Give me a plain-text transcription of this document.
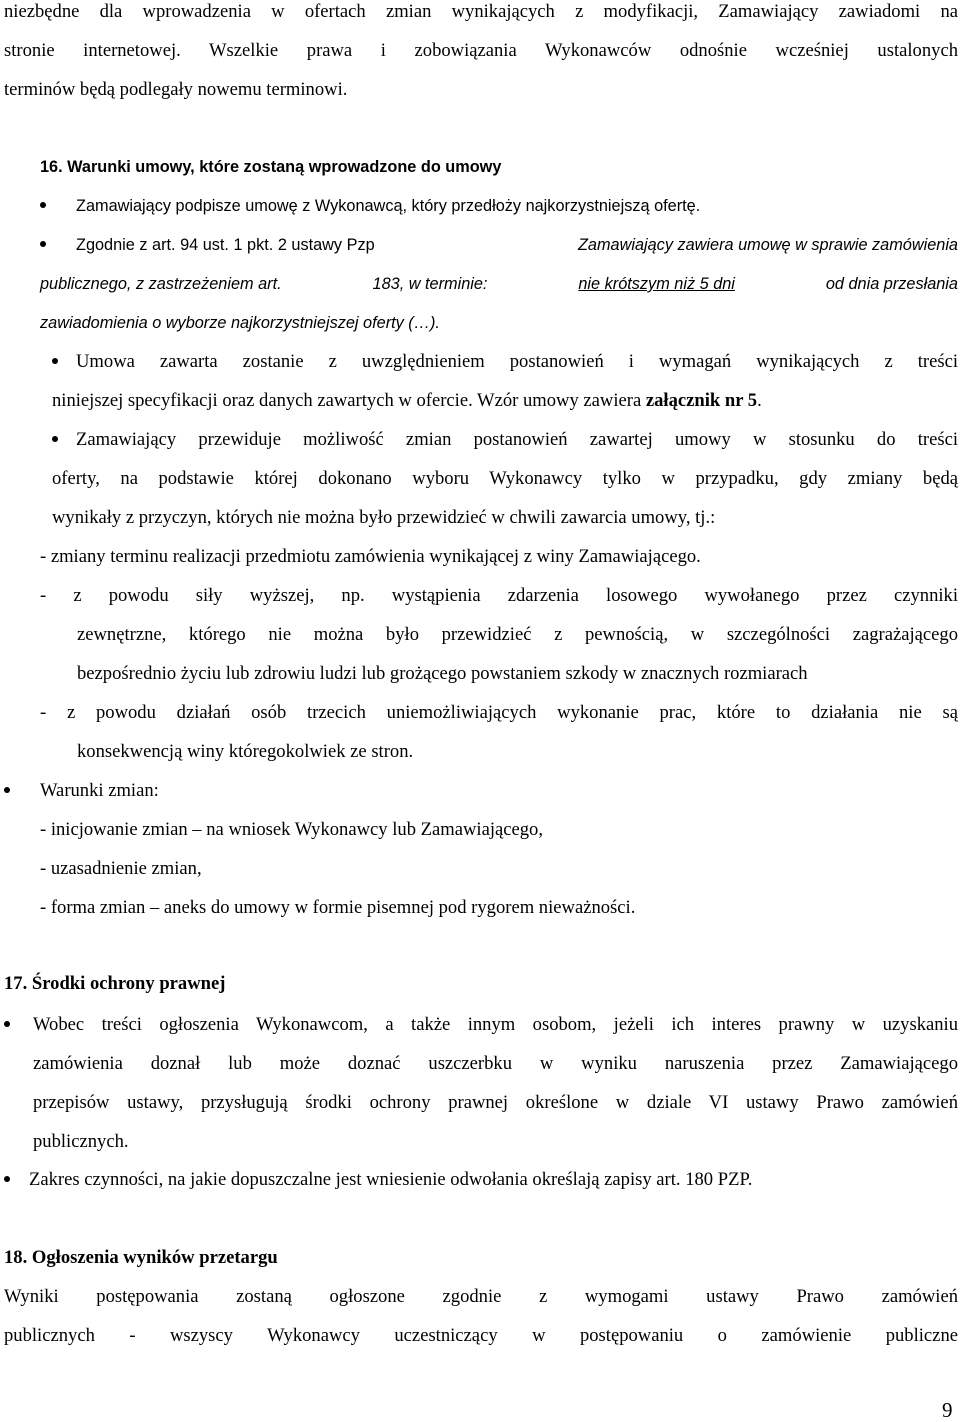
niezbędne dla wprowadzenia w ofertach zmian wynikających z modyfikacji, Zamawiający zawiadomi na
stronie internetowej. Wszelkie prawa i zobowiązania Wykonawców odnośnie wcześniej ustalonych
terminów będą podlegały nowemu terminowi.
16. Warunki umowy, które zostaną wprowadzone do umowy
Zamawiający podpisze umowę z Wykonawcą, który przedłoży najkorzystniejszą ofertę.
Zgodnie z art. 94 ust. 1 pkt. 2 ustawy Pzp	Zamawiający zawiera umowę w sprawie zamówienia
publicznego, z zastrzeżeniem art.	183, w terminie:	nie krótszym niż 5 dni	od dnia przesłania
zawiadomienia o wyborze najkorzystniejszej oferty (…).
Umowa zawarta zostanie z uwzględnieniem postanowień i wymagań wynikających z treści
niniejszej specyfikacji oraz danych zawartych w ofercie. Wzór umowy zawiera załącznik nr 5.
Zamawiający przewiduje możliwość zmian postanowień zawartej umowy w stosunku do treści
oferty, na podstawie której dokonano wyboru Wykonawcy tylko w przypadku, gdy zmiany będą
wynikały z przyczyn, których nie można było przewidzieć w chwili zawarcia umowy, tj.:
- zmiany terminu realizacji przedmiotu zamówienia wynikającej z winy Zamawiającego.
- z powodu siły wyższej, np. wystąpienia zdarzenia losowego wywołanego przez czynniki
zewnętrzne, którego nie można było przewidzieć z pewnością, w szczególności zagrażającego
bezpośrednio życiu lub zdrowiu ludzi lub grożącego powstaniem szkody w znacznych rozmiarach
- z powodu działań osób trzecich uniemożliwiających wykonanie prac, które to działania nie są
konsekwencją winy któregokolwiek ze stron.
Warunki zmian:
- inicjowanie zmian – na wniosek Wykonawcy lub Zamawiającego,
- uzasadnienie zmian,
- forma zmian – aneks do umowy w formie pisemnej pod rygorem nieważności.
17. Środki ochrony prawnej
Wobec treści ogłoszenia Wykonawcom, a także innym osobom, jeżeli ich interes prawny w uzyskaniu
zamówienia doznał lub może doznać uszczerbku w wyniku naruszenia przez Zamawiającego
przepisów ustawy, przysługują środki ochrony prawnej określone w dziale VI ustawy Prawo zamówień
publicznych.
Zakres czynności, na jakie dopuszczalne jest wniesienie odwołania określają zapisy art. 180 PZP.
18. Ogłoszenia wyników przetargu
Wyniki postępowania zostaną ogłoszone zgodnie z wymogami ustawy Prawo zamówień
publicznych - wszyscy Wykonawcy uczestniczący w postępowaniu o zamówienie publiczne
9
